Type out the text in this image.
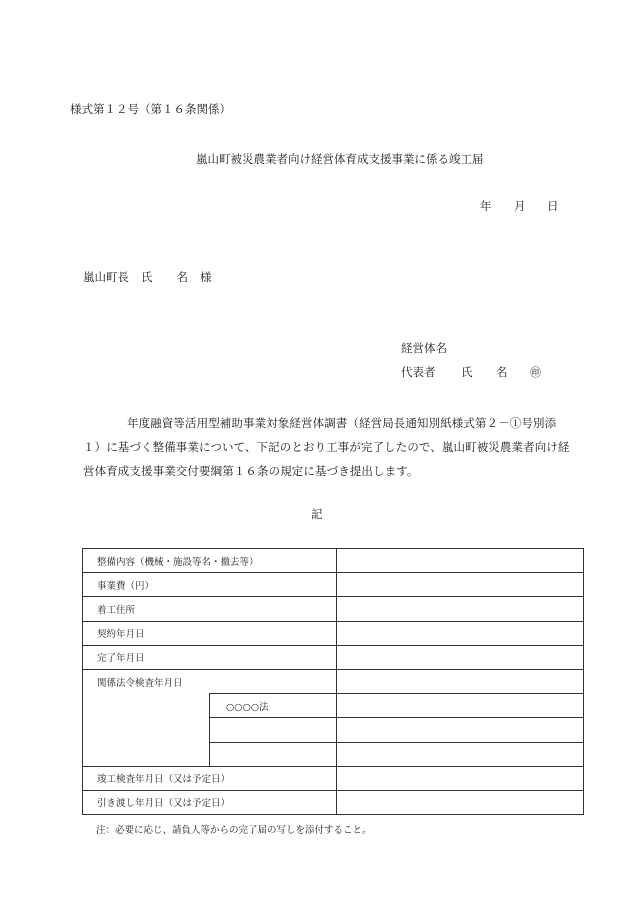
様式第１２号（第１６条関係）
嵐山町被災農業者向け経営体育成支援事業に係る竣工届
年 月 日
嵐山町長 氏 名 様
経営体名
代表者 氏 名 ㊞
年度融資等活用型補助事業対象経営体調書（経営局長通知別紙様式第２－①号別添１）に基づく整備事業について、下記のとおり工事が完了したので、嵐山町被災農業者向け経営体育成支援事業交付要綱第１６条の規定に基づき提出します。
記
整備内容（機械・施設等名・撤去等）		
事業費（円）		
着工住所		
契約年月日		
完了年月日		
関係法令検査年月日		
	○○○○法	

竣工検査年月日（又は予定日）		
引き渡し年月日（又は予定日）		
注：必要に応じ、請負人等からの完了届の写しを添付すること。
